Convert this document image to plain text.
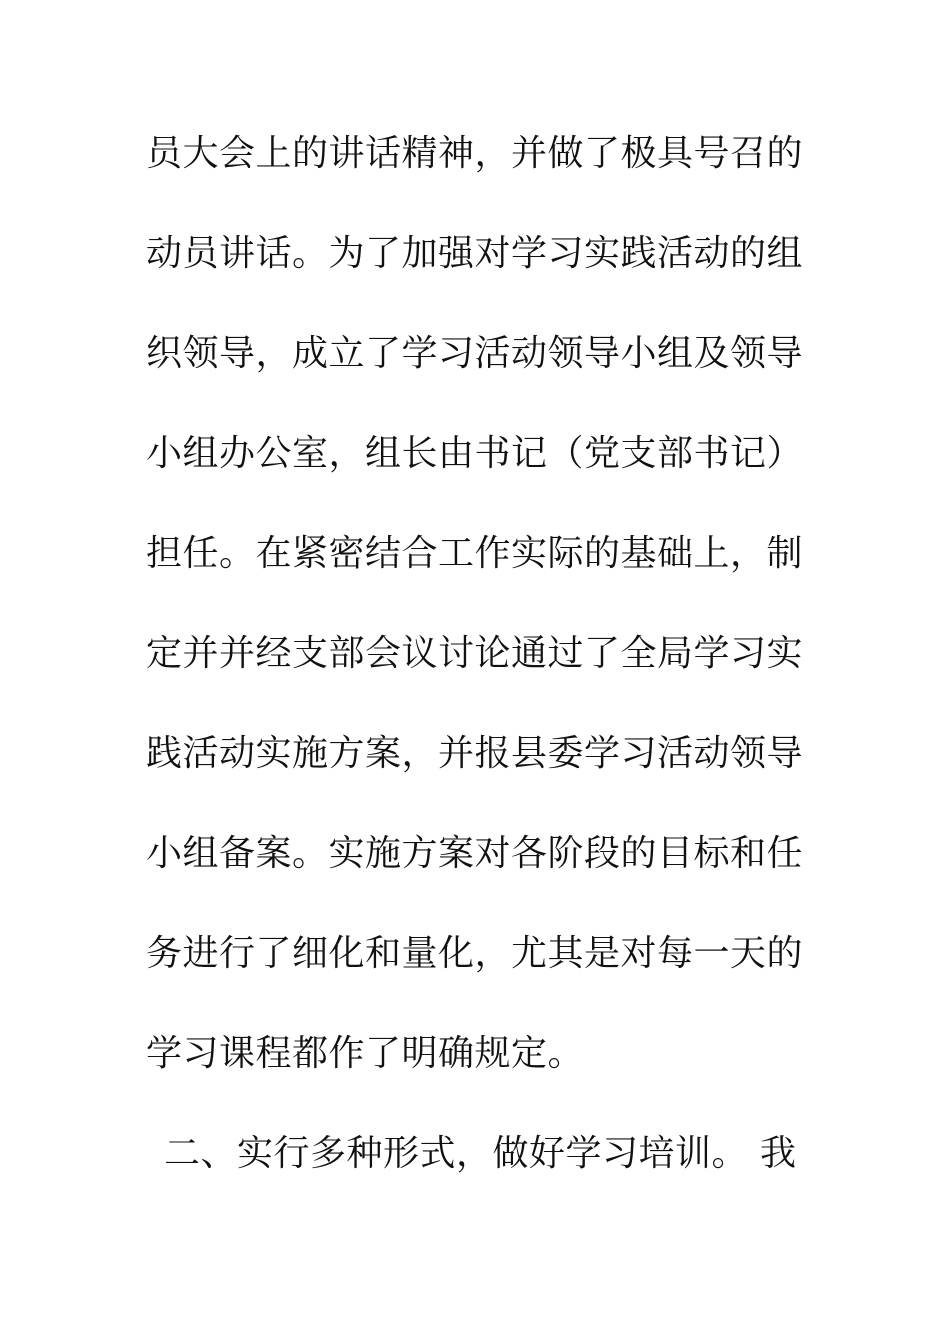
员大会上的讲话精神，并做了极具号召的
动员讲话。为了加强对学习实践活动的组
织领导，成立了学习活动领导小组及领导
小组办公室，组长由书记（党支部书记）
担任。在紧密结合工作实际的基础上，制
定并并经支部会议讨论通过了全局学习实
践活动实施方案，并报县委学习活动领导
小组备案。实施方案对各阶段的目标和任
务进行了细化和量化，尤其是对每一天的
学习课程都作了明确规定。
二、实行多种形式，做好学习培训。 我
